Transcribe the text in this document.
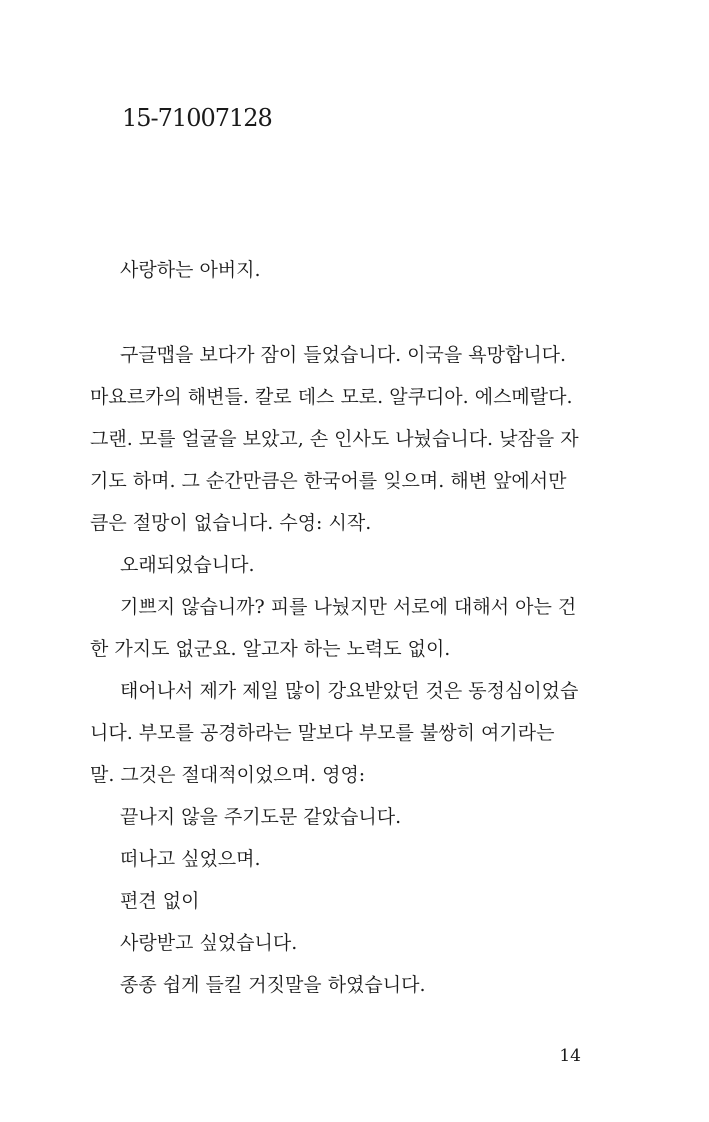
15-71007128
사랑하는 아버지.
구글맵을 보다가 잠이 들었습니다. 이국을 욕망합니다.
마요르카의 해변들. 칼로 데스 모로. 알쿠디아. 에스메랄다.
그랜. 모를 얼굴을 보았고, 손 인사도 나눴습니다. 낮잠을 자
기도 하며. 그 순간만큼은 한국어를 잊으며. 해변 앞에서만
큼은 절망이 없습니다. 수영: 시작.
오래되었습니다.
기쁘지 않습니까? 피를 나눴지만 서로에 대해서 아는 건
한 가지도 없군요. 알고자 하는 노력도 없이.
태어나서 제가 제일 많이 강요받았던 것은 동정심이었습
니다. 부모를 공경하라는 말보다 부모를 불쌍히 여기라는
말. 그것은 절대적이었으며. 영영:
끝나지 않을 주기도문 같았습니다.
떠나고 싶었으며.
편견 없이
사랑받고 싶었습니다.
종종 쉽게 들킬 거짓말을 하였습니다.
14
